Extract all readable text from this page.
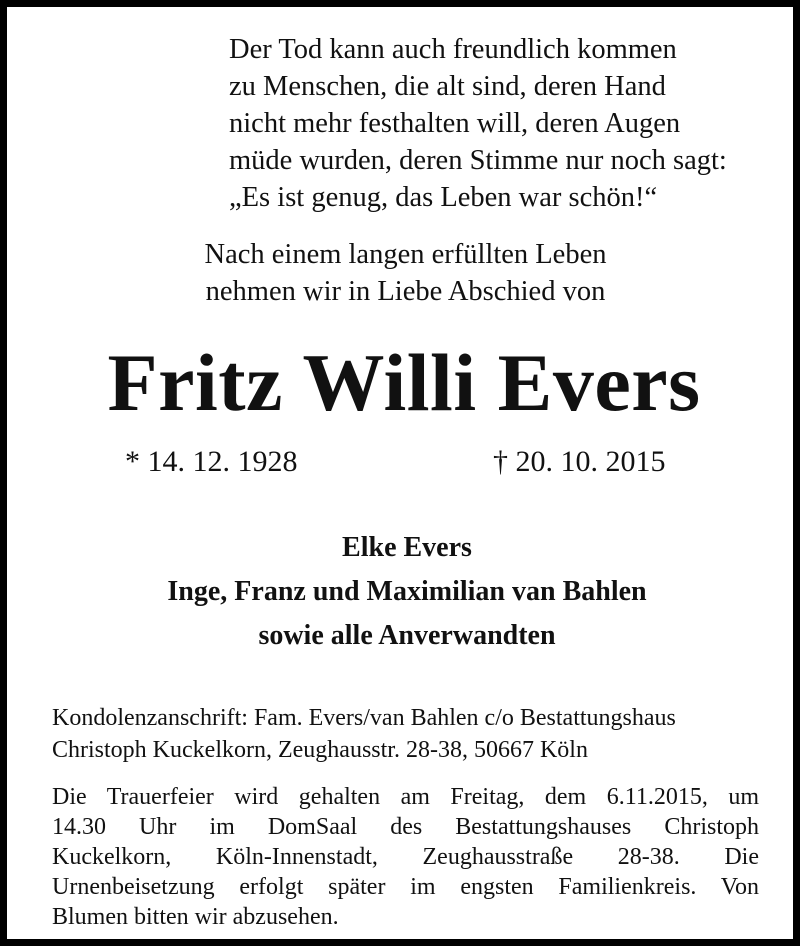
Der Tod kann auch freundlich kommen
zu Menschen, die alt sind, deren Hand
nicht mehr festhalten will, deren Augen
müde wurden, deren Stimme nur noch sagt:
„Es ist genug, das Leben war schön!“
Nach einem langen erfüllten Leben
nehmen wir in Liebe Abschied von
Fritz Willi Evers
* 14. 12. 1928	† 20. 10. 2015
Elke Evers
Inge, Franz und Maximilian van Bahlen
sowie alle Anverwandten
Kondolenzanschrift: Fam. Evers/van Bahlen c/o Bestattungshaus
Christoph Kuckelkorn, Zeughausstr. 28-38, 50667 Köln
Die Trauerfeier wird gehalten am Freitag, dem 6.11.2015, um
14.30 Uhr im DomSaal des Bestattungshauses Christoph
Kuckelkorn, Köln-Innenstadt, Zeughausstraße 28-38. Die
Urnenbeisetzung erfolgt später im engsten Familienkreis. Von
Blumen bitten wir abzusehen.
